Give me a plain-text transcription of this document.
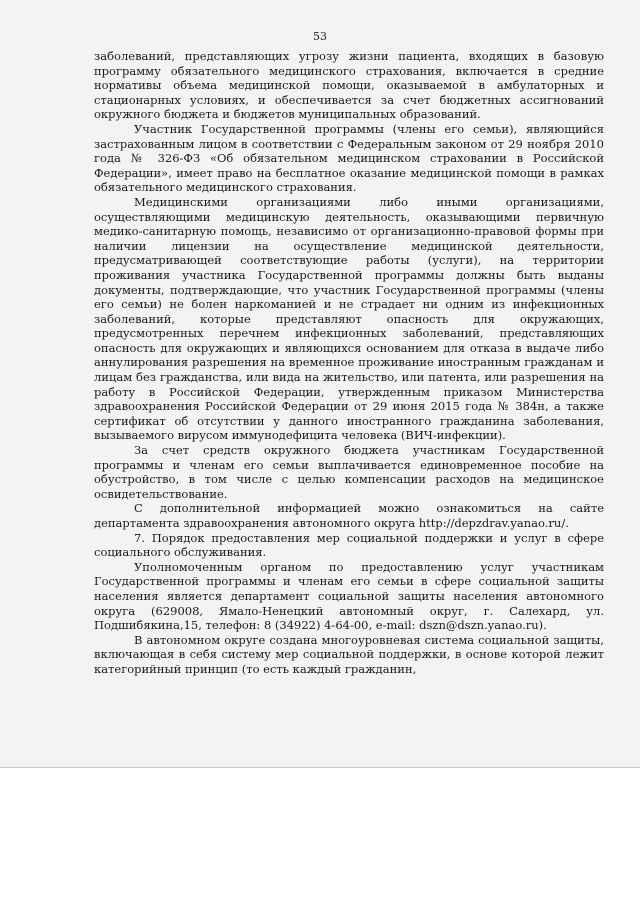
53

заболеваний, представляющих угрозу жизни пациента, входящих в базовую программу обязательного медицинского страхования, включается в средние нормативы объема медицинской помощи, оказываемой в амбулаторных и стационарных условиях, и обеспечивается за счет бюджетных ассигнований окружного бюджета и бюджетов муниципальных образований.

Участник Государственной программы (члены его семьи), являющийся застрахованным лицом в соответствии с Федеральным законом от 29 ноября 2010 года № 326-ФЗ «Об обязательном медицинском страховании в Российской Федерации», имеет право на бесплатное оказание медицинской помощи в рамках обязательного медицинского страхования.

Медицинскими организациями либо иными организациями, осуществляющими медицинскую деятельность, оказывающими первичную медико-санитарную помощь, независимо от организационно-правовой формы при наличии лицензии на осуществление медицинской деятельности, предусматривающей соответствующие работы (услуги), на территории проживания участника Государственной программы должны быть выданы документы, подтверждающие, что участник Государственной программы (члены его семьи) не болен наркоманией и не страдает ни одним из инфекционных заболеваний, которые представляют опасность для окружающих, предусмотренных перечнем инфекционных заболеваний, представляющих опасность для окружающих и являющихся основанием для отказа в выдаче либо аннулирования разрешения на временное проживание иностранным гражданам и лицам без гражданства, или вида на жительство, или патента, или разрешения на работу в Российской Федерации, утвержденным приказом Министерства здравоохранения Российской Федерации от 29 июня 2015 года № 384н, а также сертификат об отсутствии у данного иностранного гражданина заболевания, вызываемого вирусом иммунодефицита человека (ВИЧ-инфекции).

За счет средств окружного бюджета участникам Государственной программы и членам его семьи выплачивается единовременное пособие на обустройство, в том числе с целью компенсации расходов на медицинское освидетельствование.

С дополнительной информацией можно ознакомиться на сайте департамента здравоохранения автономного округа http://depzdrav.yanao.ru/.

7. Порядок предоставления мер социальной поддержки и услуг в сфере социального обслуживания.

Уполномоченным органом по предоставлению услуг участникам Государственной программы и членам его семьи в сфере социальной защиты населения является департамент социальной защиты населения автономного округа (629008, Ямало-Ненецкий автономный округ, г. Салехард, ул. Подшибякина,15, телефон: 8 (34922) 4-64-00, e-mail: dszn@dszn.yanao.ru).

В автономном округе создана многоуровневая система социальной защиты, включающая в себя систему мер социальной поддержки, в основе которой лежит категорийный принцип (то есть каждый гражданин,
